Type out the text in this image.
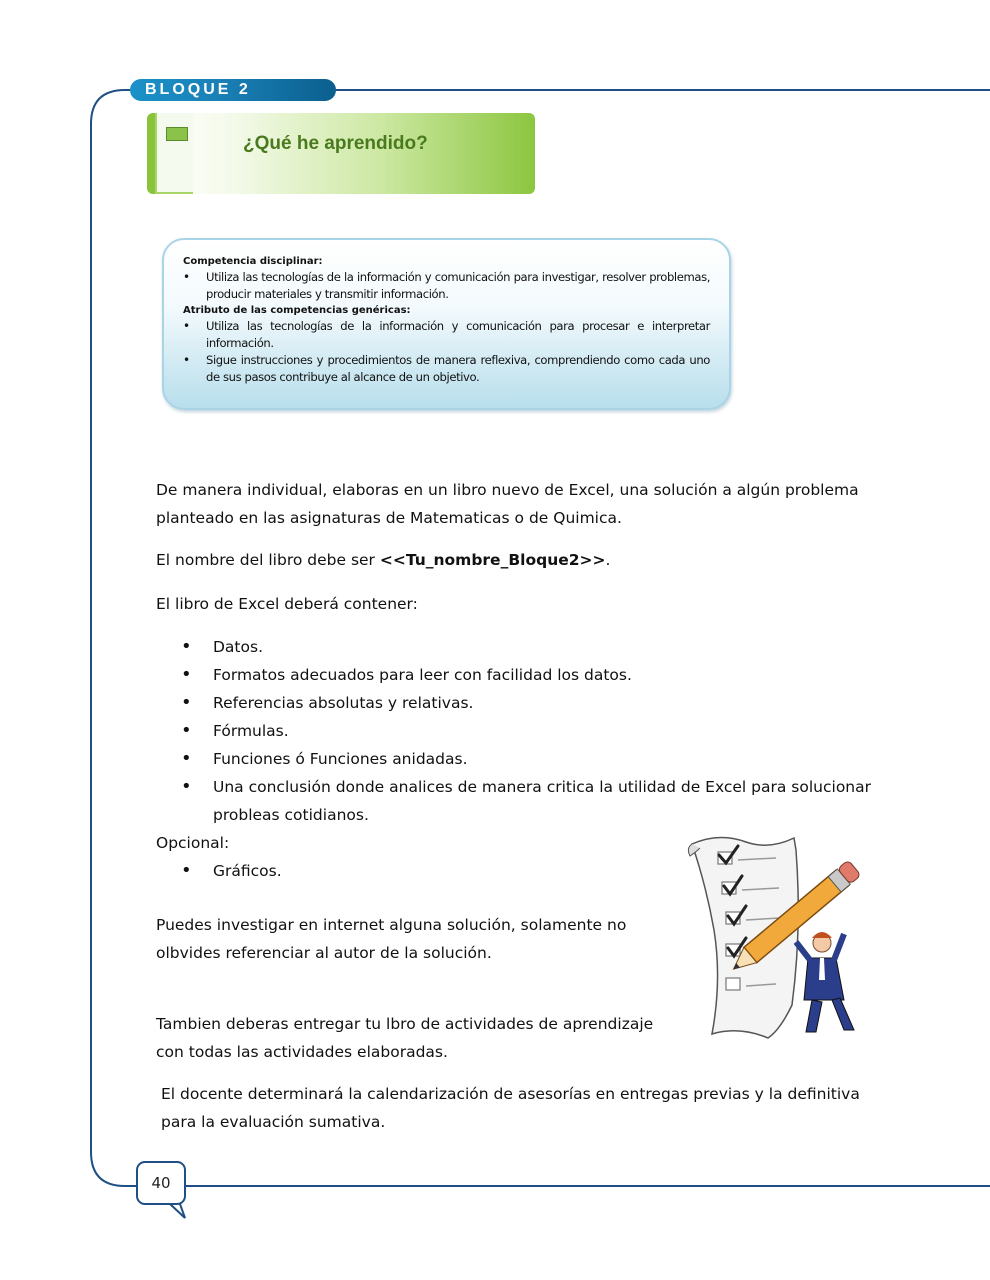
BLOQUE 2
¿Qué he aprendido?
Competencia disciplinar:
• Utiliza las tecnologías de la información y comunicación para investigar, resolver problemas, producir materiales y transmitir información.
Atributo de las competencias genéricas:
• Utiliza las tecnologías de la información y comunicación para procesar e interpretar información.
• Sigue instrucciones y procedimientos de manera reflexiva, comprendiendo como cada uno de sus pasos contribuye al alcance de un objetivo.

De manera individual, elaboras en un libro nuevo de Excel, una solución a algún problema planteado en las asignaturas de Matematicas o de Quimica.

El nombre del libro debe ser <<Tu_nombre_Bloque2>>.

El libro de Excel deberá contener:

• Datos.
• Formatos adecuados para leer con facilidad los datos.
• Referencias absolutas y relativas.
• Fórmulas.
• Funciones ó Funciones anidadas.
• Una conclusión donde analices de manera critica la utilidad de Excel para solucionar probleas cotidianos.
Opcional:
• Gráficos.
Puedes investigar en internet alguna solución, solamente no olbvides referenciar al autor de la solución.
Tambien deberas entregar tu lbro de actividades de aprendizaje con todas las actividades elaboradas.
El docente determinará la calendarización de asesorías en entregas previas y la definitiva para la evaluación sumativa.
40
